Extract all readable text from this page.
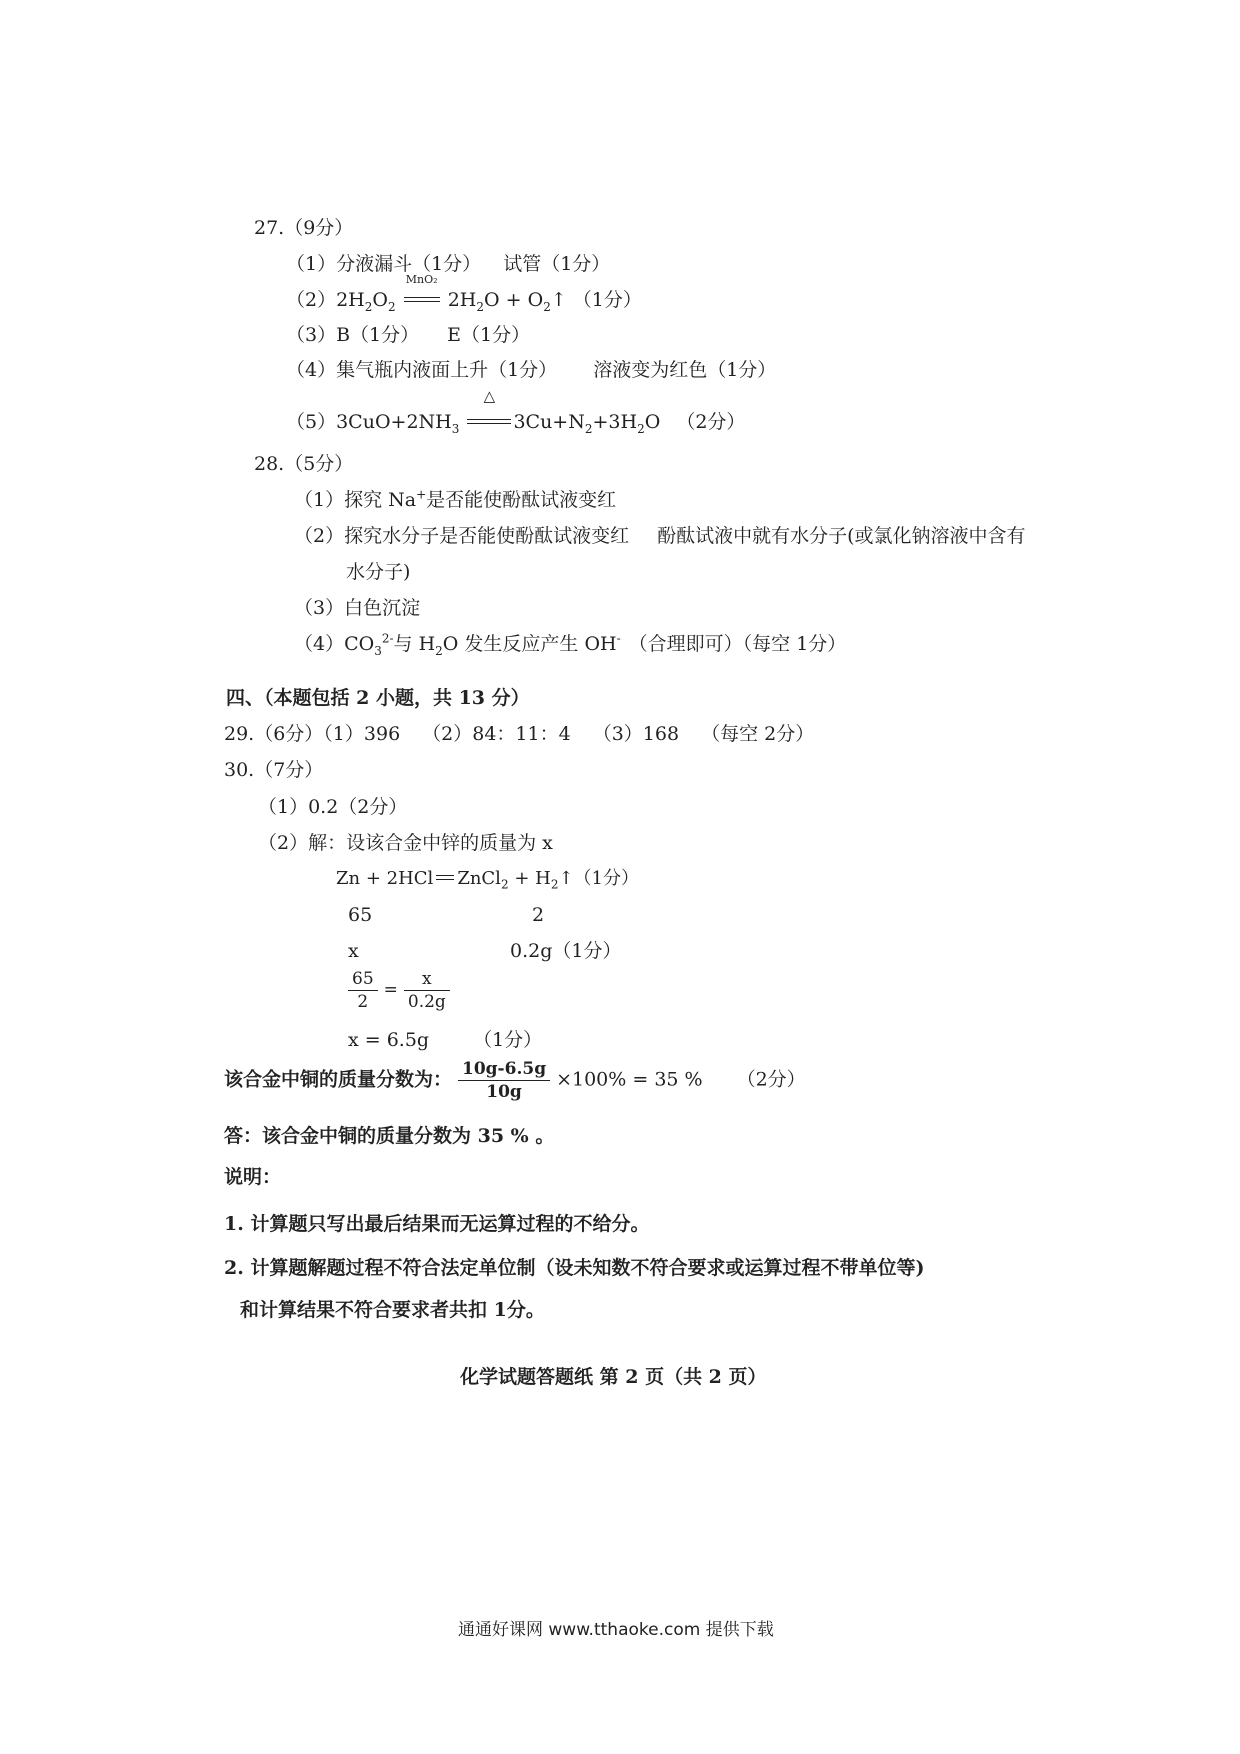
27.（9分）
（1）分液漏斗（1分） 试管（1分）
$(2)2H_2O_2$
MnO₂
$2H_2O$ + $O_2↑$ （1分）
（3）B（1分） E（1分）
（4）集气瓶内液面上升（1分） 溶液变为红色（1分）
$(5)3CuO+2NH_3$
△
$3Cu+N_2+3H_2O$ （2分）
28.（5分）
（1）探究 Na+是否能使酚酞试液变红
（2）探究水分子是否能使酚酞试液变红 酚酞试液中就有水分子(或氯化钠溶液中含有
水分子)
（3）白色沉淀
$(4)CO_3^{2-}$与 $H_2O$ 发生反应产生 OH- （合理即可）（每空 1分）
四、（本题包括 2 小题，共 13 分）
29.（6分）（1）396 （2）84：11：4 （3）168 （每空 2分）
30.（7分）
（1）0.2（2分）
（2）解：设该合金中锌的质量为 x
Zn + 2HCl ZnCl$_2$ + $H_2↑(1$分）
65	2
x	0.2g（1分）
$\frac{65}{2} = \frac{x}{0.2g}$
x = 6.5g （1分）
该合金中铜的质量分数为： $\frac{10g-6.5g}{10g} \times 100\% = 35$ % （2分）
答：该合金中铜的质量分数为 35 % 。
说明：
1. 计算题只写出最后结果而无运算过程的不给分。
2. 计算题解题过程不符合法定单位制（设未知数不符合要求或运算过程不带单位等)
和计算结果不符合要求者共扣 1分。
化学试题答题纸 第 2 页（共 2 页）
通通好课网 www.tthaoke.com 提供下载
